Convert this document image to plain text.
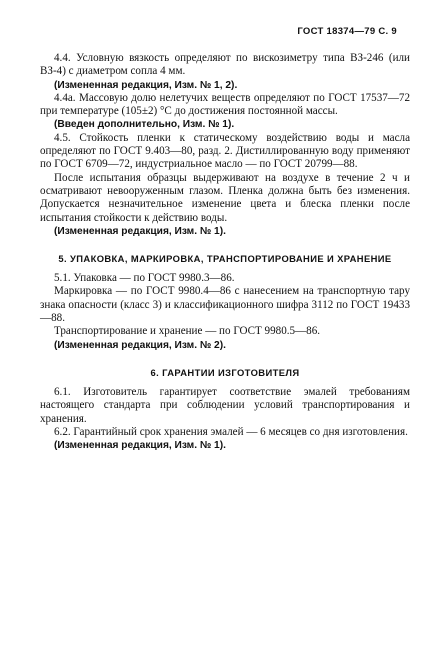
ГОСТ 18374—79 С. 9

4.4. Условную вязкость определяют по вискозиметру типа ВЗ-246 (или ВЗ-4) с диаметром сопла 4 мм.

(Измененная редакция, Изм. № 1, 2).

4.4а. Массовую долю нелетучих веществ определяют по ГОСТ 17537—72 при температуре (105±2) °С до достижения постоянной массы.

(Введен дополнительно, Изм. № 1).

4.5. Стойкость пленки к статическому воздействию воды и масла определяют по ГОСТ 9.403—80, разд. 2. Дистиллированную воду применяют по ГОСТ 6709—72, индустриальное масло — по ГОСТ 20799—88.

После испытания образцы выдерживают на воздухе в течение 2 ч и осматривают невооруженным глазом. Пленка должна быть без изменения. Допускается незначительное изменение цвета и блеска пленки после испытания стойкости к действию воды.

(Измененная редакция, Изм. № 1).

5. УПАКОВКА, МАРКИРОВКА, ТРАНСПОРТИРОВАНИЕ И ХРАНЕНИЕ

5.1. Упаковка — по ГОСТ 9980.3—86.

Маркировка — по ГОСТ 9980.4—86 с нанесением на транспортную тару знака опасности (класс 3) и классификационного шифра 3112 по ГОСТ 19433—88.

Транспортирование и хранение — по ГОСТ 9980.5—86.

(Измененная редакция, Изм. № 2).

6. ГАРАНТИИ ИЗГОТОВИТЕЛЯ

6.1. Изготовитель гарантирует соответствие эмалей требованиям настоящего стандарта при соблюдении условий транспортирования и хранения.

6.2. Гарантийный срок хранения эмалей — 6 месяцев со дня изготовления.

(Измененная редакция, Изм. № 1).
